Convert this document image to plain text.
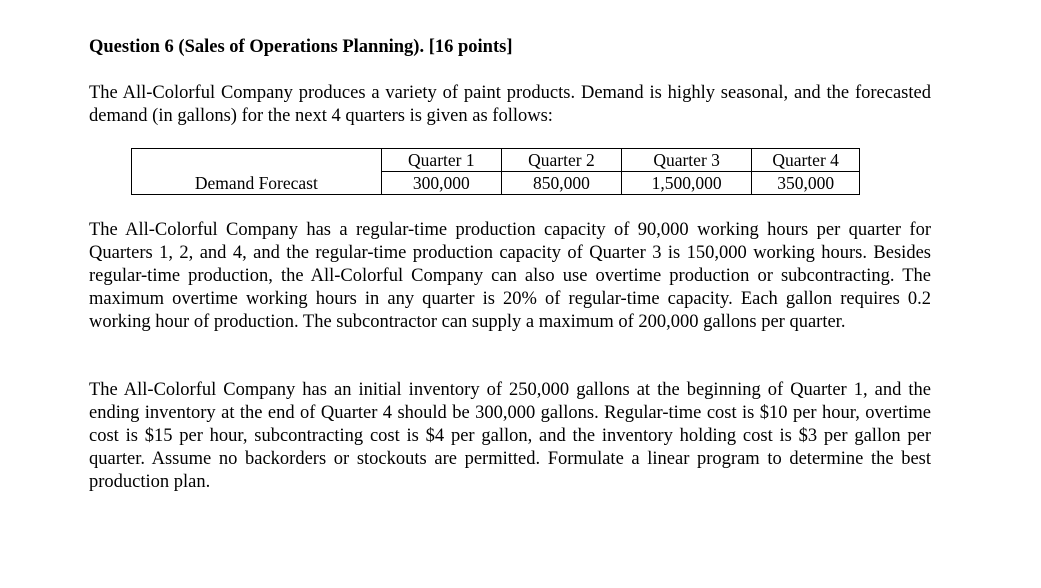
Question 6 (Sales of Operations Planning). [16 points]

The All-Colorful Company produces a variety of paint products. Demand is highly seasonal, and the forecasted demand (in gallons) for the next 4 quarters is given as follows:

	Quarter 1	Quarter 2	Quarter 3	Quarter 4
Demand Forecast	300,000	850,000	1,500,000	350,000

The All-Colorful Company has a regular-time production capacity of 90,000 working hours per quarter for Quarters 1, 2, and 4, and the regular-time production capacity of Quarter 3 is 150,000 working hours. Besides regular-time production, the All-Colorful Company can also use overtime production or subcontracting. The maximum overtime working hours in any quarter is 20% of regular-time capacity. Each gallon requires 0.2 working hour of production. The subcontractor can supply a maximum of 200,000 gallons per quarter.

The All-Colorful Company has an initial inventory of 250,000 gallons at the beginning of Quarter 1, and the ending inventory at the end of Quarter 4 should be 300,000 gallons. Regular-time cost is $10 per hour, overtime cost is $15 per hour, subcontracting cost is $4 per gallon, and the inventory holding cost is $3 per gallon per quarter. Assume no backorders or stockouts are permitted. Formulate a linear program to determine the best production plan.
